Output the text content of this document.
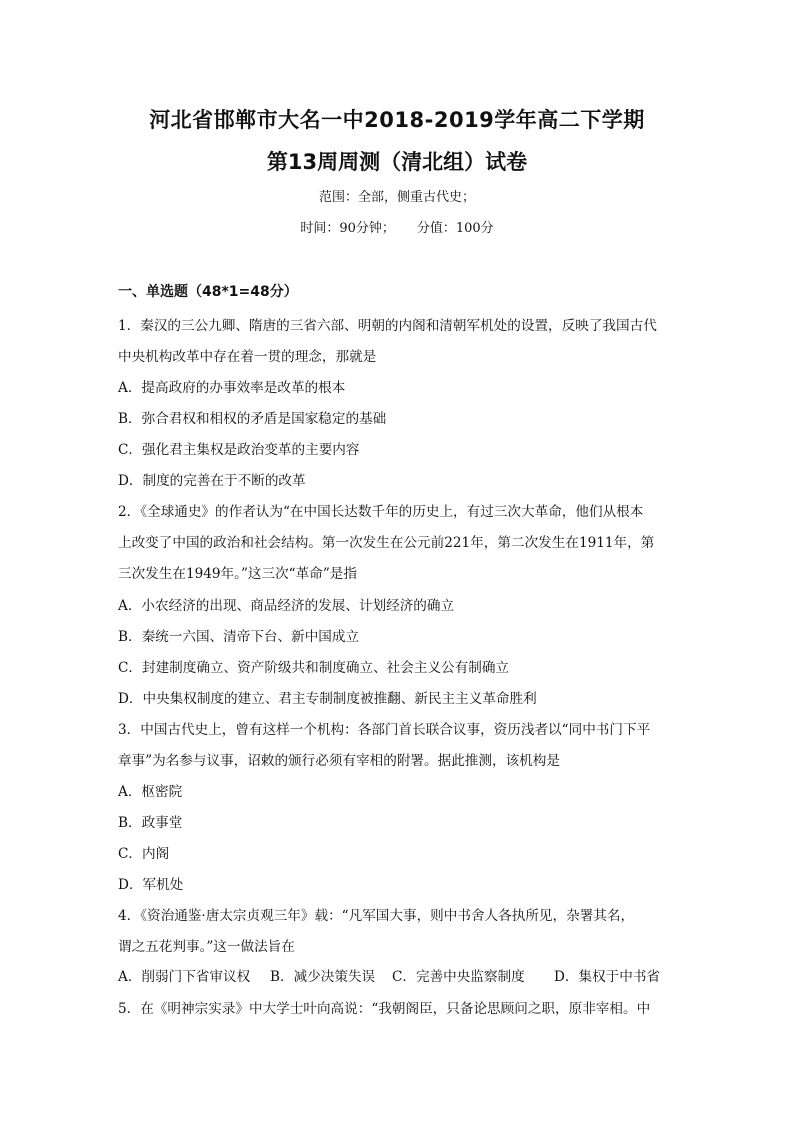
河北省邯郸市大名一中2018-2019学年高二下学期
第13周周测（清北组）试卷
范围：全部，侧重古代史；
时间：90分钟； 分值：100分
一、单选题（48*1=48分）
1．秦汉的三公九卿、隋唐的三省六部、明朝的内阁和清朝军机处的设置，反映了我国古代
中央机构改革中存在着一贯的理念，那就是
A．提高政府的办事效率是改革的根本
B．弥合君权和相权的矛盾是国家稳定的基础
C．强化君主集权是政治变革的主要内容
D．制度的完善在于不断的改革
2．《全球通史》的作者认为“在中国长达数千年的历史上，有过三次大革命，他们从根本
上改变了中国的政治和社会结构。第一次发生在公元前221年，第二次发生在1911年，第
三次发生在1949年。”这三次“革命”是指
A．小农经济的出现、商品经济的发展、计划经济的确立
B．秦统一六国、清帝下台、新中国成立
C．封建制度确立、资产阶级共和制度确立、社会主义公有制确立
D．中央集权制度的建立、君主专制制度被推翻、新民主主义革命胜利
3．中国古代史上，曾有这样一个机构：各部门首长联合议事，资历浅者以“同中书门下平
章事”为名参与议事，诏敕的颁行必须有宰相的附署。据此推测，该机构是
A．枢密院
B．政事堂
C．内阁
D．军机处
4．《资治通鉴·唐太宗贞观三年》载：“凡军国大事，则中书舍人各执所见，杂署其名，
谓之五花判事。”这一做法旨在
A．削弱门下省审议权 B．减少决策失误 C．完善中央监察制度 D．集权于中书省
5．在《明神宗实录》中大学士叶向高说：“我朝阁臣，只备论思顾问之职，原非宰相。中
